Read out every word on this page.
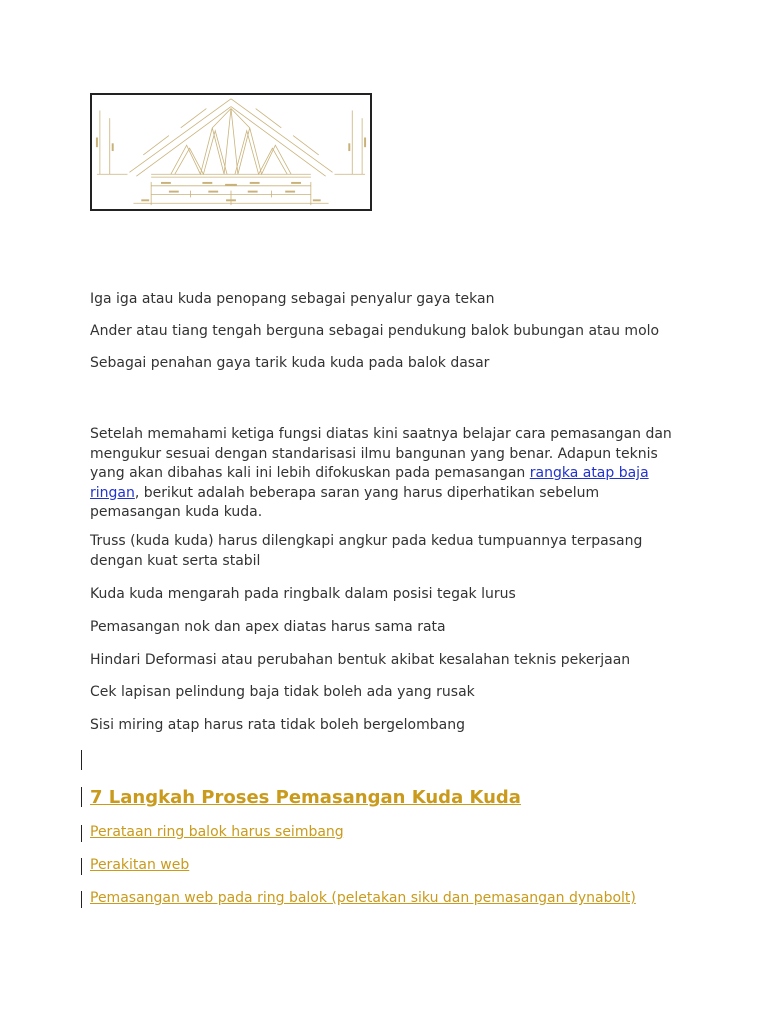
Iga iga atau kuda penopang sebagai penyalur gaya tekan

Ander atau tiang tengah berguna sebagai pendukung balok bubungan atau molo

Sebagai penahan gaya tarik kuda kuda pada balok dasar

Setelah memahami ketiga fungsi diatas kini saatnya belajar cara pemasangan dan mengukur sesuai dengan standarisasi ilmu bangunan yang benar. Adapun teknis yang akan dibahas kali ini lebih difokuskan pada pemasangan rangka atap baja ringan, berikut adalah beberapa saran yang harus diperhatikan sebelum pemasangan kuda kuda.

Truss (kuda kuda) harus dilengkapi angkur pada kedua tumpuannya terpasang dengan kuat serta stabil

Kuda kuda mengarah pada ringbalk dalam posisi tegak lurus

Pemasangan nok dan apex diatas harus sama rata

Hindari Deformasi atau perubahan bentuk akibat kesalahan teknis pekerjaan

Cek lapisan pelindung baja tidak boleh ada yang rusak

Sisi miring atap harus rata tidak boleh bergelombang

7 Langkah Proses Pemasangan Kuda Kuda

Perataan ring balok harus seimbang

Perakitan web

Pemasangan web pada ring balok (peletakan siku dan pemasangan dynabolt)
